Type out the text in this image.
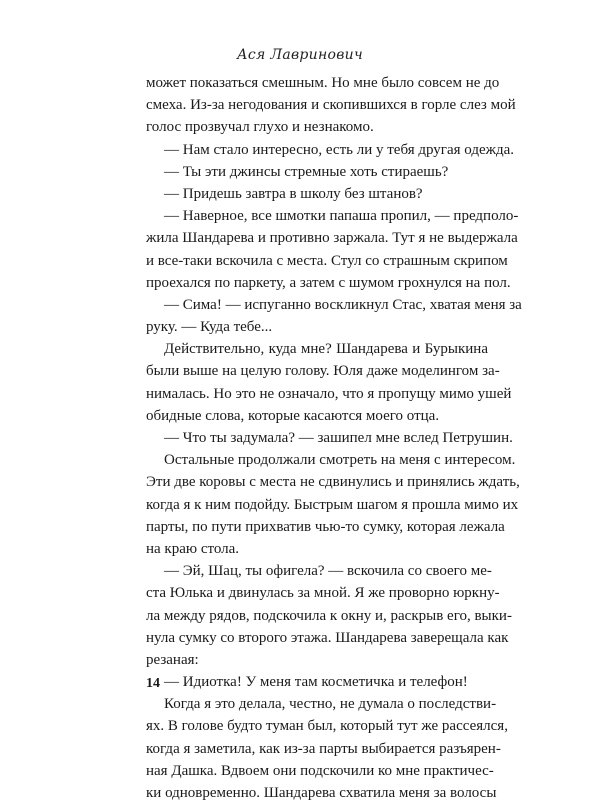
Ася Лавринович
может показаться смешным. Но мне было совсем не до
смеха. Из-за негодования и скопившихся в горле слез мой
голос прозвучал глухо и незнакомо.
— Нам стало интересно, есть ли у тебя другая одежда.
— Ты эти джинсы стремные хоть стираешь?
— Придешь завтра в школу без штанов?
— Наверное, все шмотки папаша пропил, — предполо-
жила Шандарева и противно заржала. Тут я не выдержала
и все-таки вскочила с места. Стул со страшным скрипом
проехался по паркету, а затем с шумом грохнулся на пол.
— Сима! — испуганно воскликнул Стас, хватая меня за
руку. — Куда тебе...
Действительно, куда мне? Шандарева и Бурыкина
были выше на целую голову. Юля даже моделингом за-
нималась. Но это не означало, что я пропущу мимо ушей
обидные слова, которые касаются моего отца.
— Что ты задумала? — зашипел мне вслед Петрушин.
Остальные продолжали смотреть на меня с интересом.
Эти две коровы с места не сдвинулись и принялись ждать,
когда я к ним подойду. Быстрым шагом я прошла мимо их
парты, по пути прихватив чью-то сумку, которая лежала
на краю стола.
— Эй, Шац, ты офигела? — вскочила со своего ме-
ста Юлька и двинулась за мной. Я же проворно юркну-
ла между рядов, подскочила к окну и, раскрыв его, выки-
нула сумку со второго этажа. Шандарева заверещала как
резаная:
— Идиотка! У меня там косметичка и телефон!
Когда я это делала, честно, не думала о последстви-
ях. В голове будто туман был, который тут же рассеялся,
когда я заметила, как из-за парты выбирается разъярен-
ная Дашка. Вдвоем они подскочили ко мне практичес-
ки одновременно. Шандарева схватила меня за волосы
14
